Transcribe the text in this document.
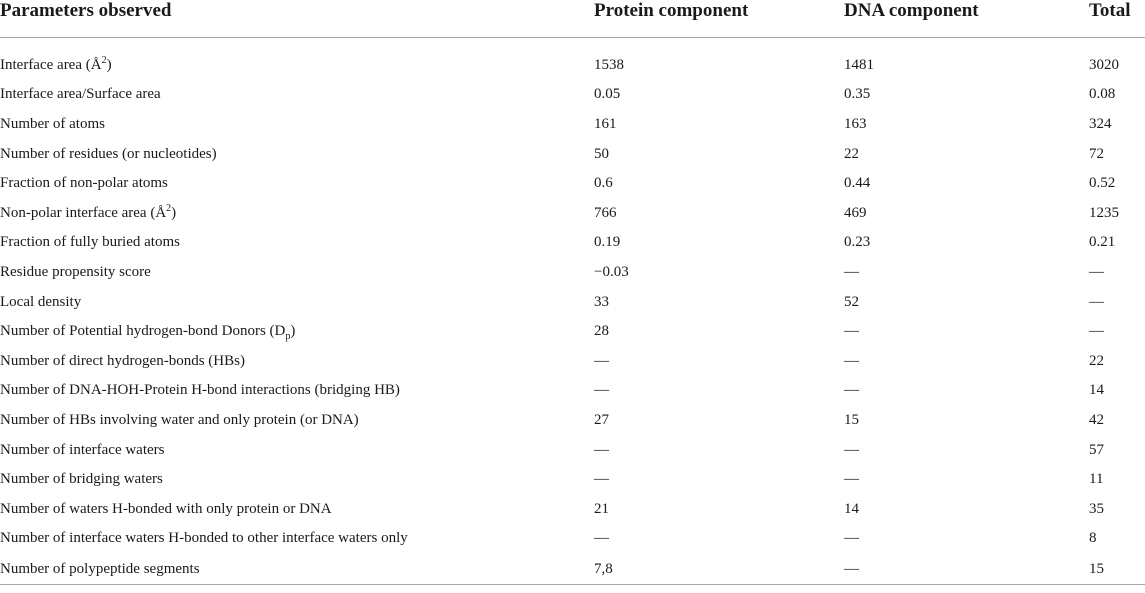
Parameters observed	Protein component	DNA component	Total

Interface area $(Å^2)$	1538	1481	3020
Interface area/Surface area	0.05	0.35	0.08
Number of atoms	161	163	324
Number of residues (or nucleotides)	50	22	72
Fraction of non-polar atoms	0.6	0.44	0.52
Non-polar interface area $(Å^2)$	766	469	1235
Fraction of fully buried atoms	0.19	0.23	0.21
Residue propensity score	−0.03	—	—
Local density	33	52	—
Number of Potential hydrogen-bond Donors $(D_p)$	28	—	—
Number of direct hydrogen-bonds (HBs)	—	—	22
Number of DNA-HOH-Protein H-bond interactions (bridging HB)	—	—	14
Number of HBs involving water and only protein (or DNA)	27	15	42
Number of interface waters	—	—	57
Number of bridging waters	—	—	11
Number of waters H-bonded with only protein or DNA	21	14	35
Number of interface waters H-bonded to other interface waters only	—	—	8
Number of polypeptide segments	7,8	—	15
